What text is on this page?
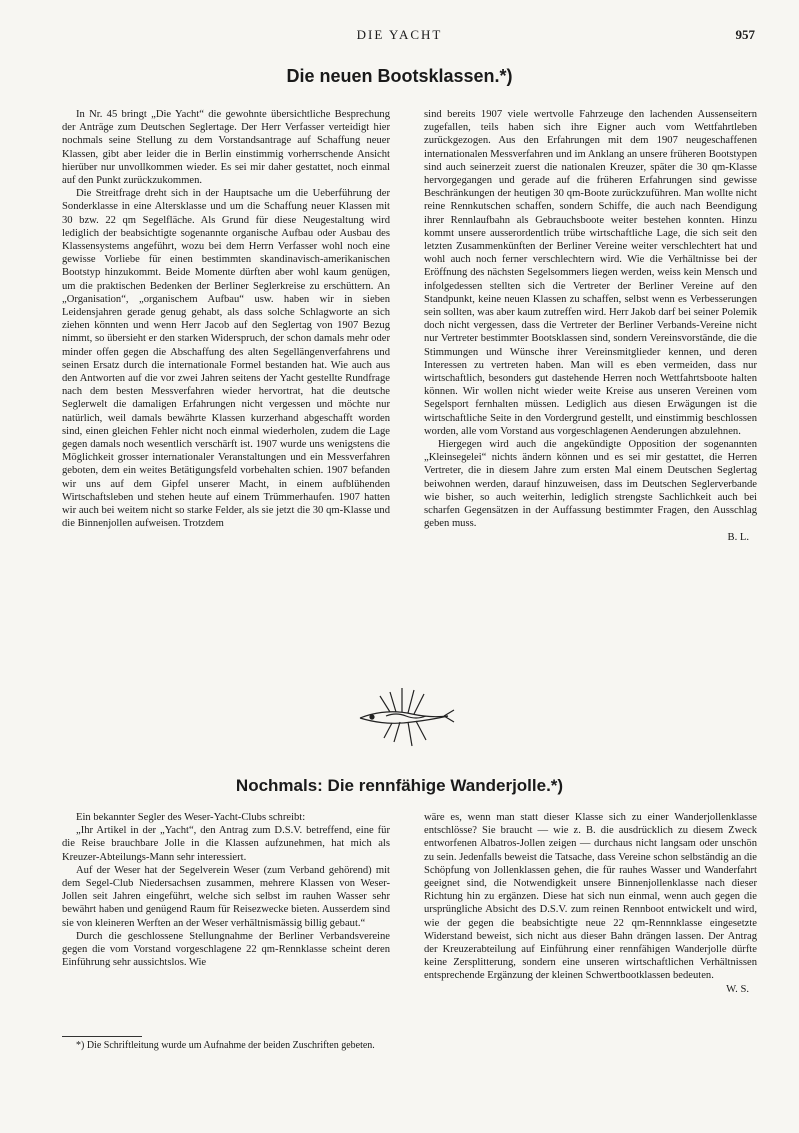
DIE YACHT	957
Die neuen Bootsklassen.*)

In Nr. 45 bringt „Die Yacht“ die gewohnte übersichtliche Besprechung der Anträge zum Deutschen Seglertage. Der Herr Verfasser verteidigt hier nochmals seine Stellung zu dem Vorstandsantrage auf Schaffung neuer Klassen, gibt aber leider die in Berlin einstimmig vorherrschende Ansicht hierüber nur unvollkommen wieder. Es sei mir daher gestattet, noch einmal auf den Punkt zurückzukommen.

Die Streitfrage dreht sich in der Hauptsache um die Ueberführung der Sonderklasse in eine Altersklasse und um die Schaffung neuer Klassen mit 30 bzw. 22 qm Segelfläche. Als Grund für diese Neugestaltung wird lediglich der beabsichtigte sogenannte organische Aufbau oder Ausbau des Klassensystems angeführt, wozu bei dem Herrn Verfasser wohl noch eine gewisse Vorliebe für einen bestimmten skandinavisch-amerikanischen Bootstyp hinzukommt. Beide Momente dürften aber wohl kaum genügen, um die praktischen Bedenken der Berliner Seglerkreise zu erschüttern. An „Organisation“, „organischem Aufbau“ usw. haben wir in sieben Leidensjahren gerade genug gehabt, als dass solche Schlagworte an sich ziehen könnten und wenn Herr Jacob auf den Seglertag von 1907 Bezug nimmt, so übersieht er den starken Widerspruch, der schon damals mehr oder minder offen gegen die Abschaffung des alten Segellängenverfahrens und seinen Ersatz durch die internationale Formel bestanden hat. Wie auch aus den Antworten auf die vor zwei Jahren seitens der Yacht gestellte Rundfrage nach dem besten Messverfahren wieder hervortrat, hat die deutsche Seglerwelt die damaligen Erfahrungen nicht vergessen und möchte nur natürlich, weil damals bewährte Klassen kurzerhand abgeschafft worden sind, einen gleichen Fehler nicht noch einmal wiederholen, zudem die Lage gegen damals noch wesentlich verschärft ist. 1907 wurde uns wenigstens die Möglichkeit grosser internationaler Veranstaltungen und ein Messverfahren geboten, dem ein weites Betätigungsfeld vorbehalten schien. 1907 befanden wir uns auf dem Gipfel unserer Macht, in einem aufblühenden Wirtschaftsleben und stehen heute auf einem Trümmerhaufen. 1907 hatten wir auch bei weitem nicht so starke Felder, als sie jetzt die 30 qm-Klasse und die Binnenjollen aufweisen. Trotzdem

sind bereits 1907 viele wertvolle Fahrzeuge den lachenden Aussenseitern zugefallen, teils haben sich ihre Eigner auch vom Wettfahrtleben zurückgezogen. Aus den Erfahrungen mit dem 1907 neugeschaffenen internationalen Messverfahren und im Anklang an unsere früheren Bootstypen sind auch seinerzeit zuerst die nationalen Kreuzer, später die 30 qm-Klasse hervorgegangen und gerade auf die früheren Erfahrungen sind gewisse Beschränkungen der heutigen 30 qm-Boote zurückzuführen. Man wollte nicht reine Rennkutschen schaffen, sondern Schiffe, die auch nach Beendigung ihrer Rennlaufbahn als Gebrauchsboote weiter bestehen konnten. Hinzu kommt unsere ausserordentlich trübe wirtschaftliche Lage, die sich seit den letzten Zusammenkünften der Berliner Vereine weiter verschlechtert hat und wohl auch noch ferner verschlechtern wird. Wie die Verhältnisse bei der Eröffnung des nächsten Segelsommers liegen werden, weiss kein Mensch und infolgedessen stellten sich die Vertreter der Berliner Vereine auf den Standpunkt, keine neuen Klassen zu schaffen, selbst wenn es Verbesserungen sein sollten, was aber kaum zutreffen wird. Herr Jakob darf bei seiner Polemik doch nicht vergessen, dass die Vertreter der Berliner Verbands-Vereine nicht nur Vertreter bestimmter Bootsklassen sind, sondern Vereinsvorstände, die die Stimmungen und Wünsche ihrer Vereinsmitglieder kennen, und deren Interessen zu vertreten haben. Man will es eben vermeiden, dass nur wirtschaftlich, besonders gut dastehende Herren noch Wettfahrtsboote halten können. Wir wollen nicht wieder weite Kreise aus unseren Vereinen vom Segelsport fernhalten müssen. Lediglich aus diesen Erwägungen ist die wirtschaftliche Seite in den Vordergrund gestellt, und einstimmig beschlossen worden, alle vom Vorstand aus vorgeschlagenen Aenderungen abzulehnen.

Hiergegen wird auch die angekündigte Opposition der sogenannten „Kleinsegelei“ nichts ändern können und es sei mir gestattet, die Herren Vertreter, die in diesem Jahre zum ersten Mal einem Deutschen Seglertag beiwohnen werden, darauf hinzuweisen, dass im Deutschen Seglerverbande wie bisher, so auch weiterhin, lediglich strengste Sachlichkeit auch bei scharfen Gegensätzen in der Auffassung bestimmter Fragen, den Ausschlag geben muss.

B. L.

Nochmals: Die rennfähige Wanderjolle.*)

Ein bekannter Segler des Weser-Yacht-Clubs schreibt:

„Ihr Artikel in der „Yacht“, den Antrag zum D.S.V. betreffend, eine für die Reise brauchbare Jolle in die Klassen aufzunehmen, hat mich als Kreuzer-Abteilungs-Mann sehr interessiert.

Auf der Weser hat der Segelverein Weser (zum Verband gehörend) mit dem Segel-Club Niedersachsen zusammen, mehrere Klassen von Weser-Jollen seit Jahren eingeführt, welche sich selbst im rauhen Wasser sehr bewährt haben und genügend Raum für Reisezwecke bieten. Ausserdem sind sie von kleineren Werften an der Weser verhältnismässig billig gebaut.“

Durch die geschlossene Stellungnahme der Berliner Verbandsvereine gegen die vom Vorstand vorgeschlagene 22 qm-Rennklasse scheint deren Einführung sehr aussichtslos. Wie

wäre es, wenn man statt dieser Klasse sich zu einer Wanderjollenklasse entschlösse? Sie braucht — wie z. B. die ausdrücklich zu diesem Zweck entworfenen Albatros-Jollen zeigen — durchaus nicht langsam oder unschön zu sein. Jedenfalls beweist die Tatsache, dass Vereine schon selbständig an die Schöpfung von Jollenklassen gehen, die für rauhes Wasser und Wanderfahrt geeignet sind, die Notwendigkeit unsere Binnenjollenklasse nach dieser Richtung hin zu ergänzen. Diese hat sich nun einmal, wenn auch gegen die ursprüngliche Absicht des D.S.V. zum reinen Rennboot entwickelt und wird, wie der gegen die beabsichtigte neue 22 qm-Rennnklasse eingesetzte Widerstand beweist, sich nicht aus dieser Bahn drängen lassen. Der Antrag der Kreuzerabteilung auf Einführung einer rennfähigen Wanderjolle dürfte keine Zersplitterung, sondern eine unseren wirtschaftlichen Verhältnissen entsprechende Ergänzung der kleinen Schwertbootklassen bedeuten.

W. S.

*) Die Schriftleitung wurde um Aufnahme der beiden Zuschriften gebeten.
